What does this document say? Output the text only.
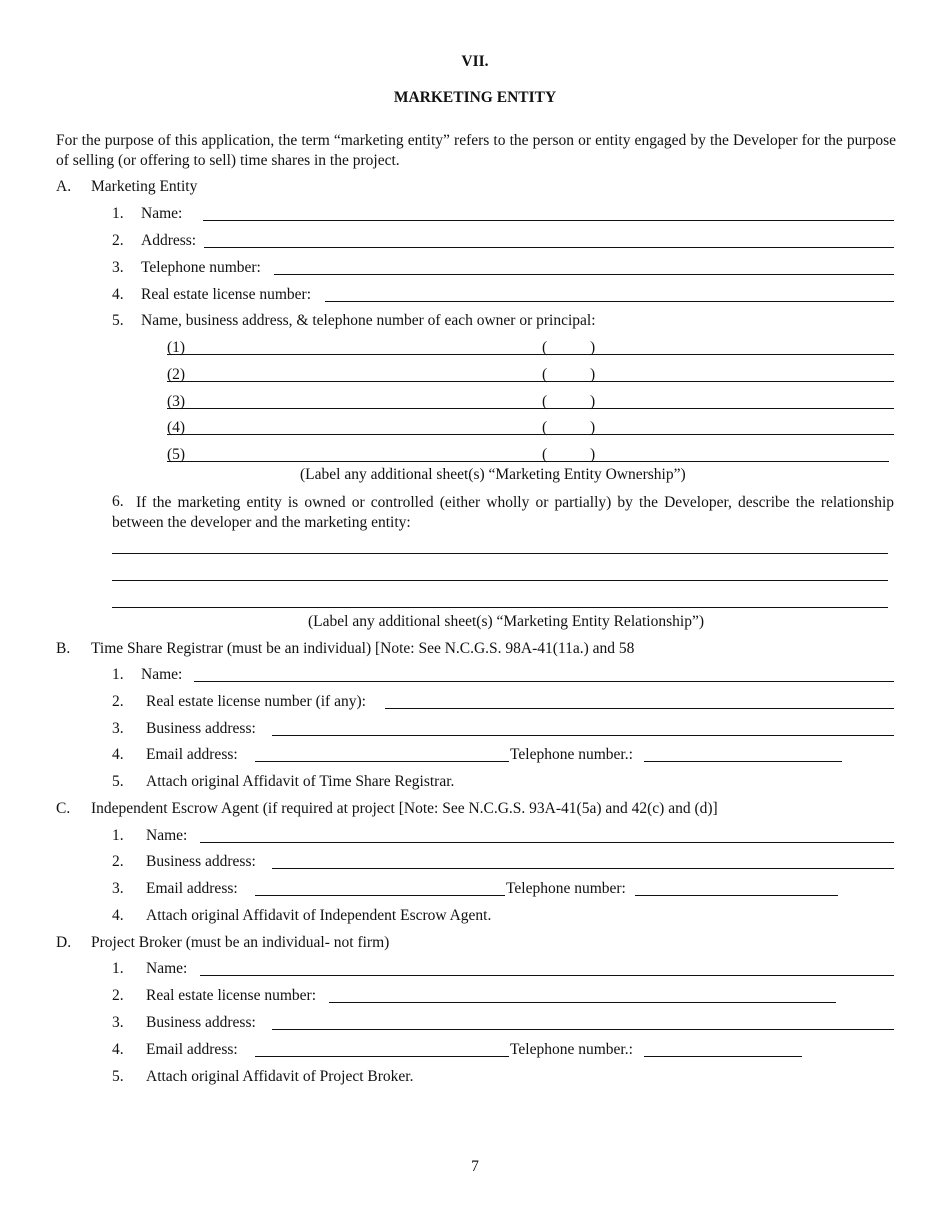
VII.
MARKETING ENTITY
For the purpose of this application, the term “marketing entity” refers to the person or entity engaged by the Developer for the purpose of selling (or offering to sell) time shares in the project.
A. Marketing Entity
1. Name:
2. Address:
3. Telephone number:
4. Real estate license number:
5. Name, business address, & telephone number of each owner or principal:
(1)	(	)
(2)	(	)
(3)	(	)
(4)	(	)
(5)	(	)
(Label any additional sheet(s) “Marketing Entity Ownership”)
6. If the marketing entity is owned or controlled (either wholly or partially) by the Developer, describe the relationship between the developer and the marketing entity:
(Label any additional sheet(s) “Marketing Entity Relationship”)
B. Time Share Registrar (must be an individual) [Note: See N.C.G.S. 98A-41(11a.) and 58
1. Name:
2. Real estate license number (if any):
3. Business address:
4. Email address:	Telephone number.:
5. Attach original Affidavit of Time Share Registrar.
C. Independent Escrow Agent (if required at project [Note: See N.C.G.S. 93A-41(5a) and 42(c) and (d)]
1. Name:
2. Business address:
3. Email address:	Telephone number:
4. Attach original Affidavit of Independent Escrow Agent.
D. Project Broker (must be an individual- not firm)
1. Name:
2. Real estate license number:
3. Business address:
4. Email address:	Telephone number.:
5. Attach original Affidavit of Project Broker.
7
